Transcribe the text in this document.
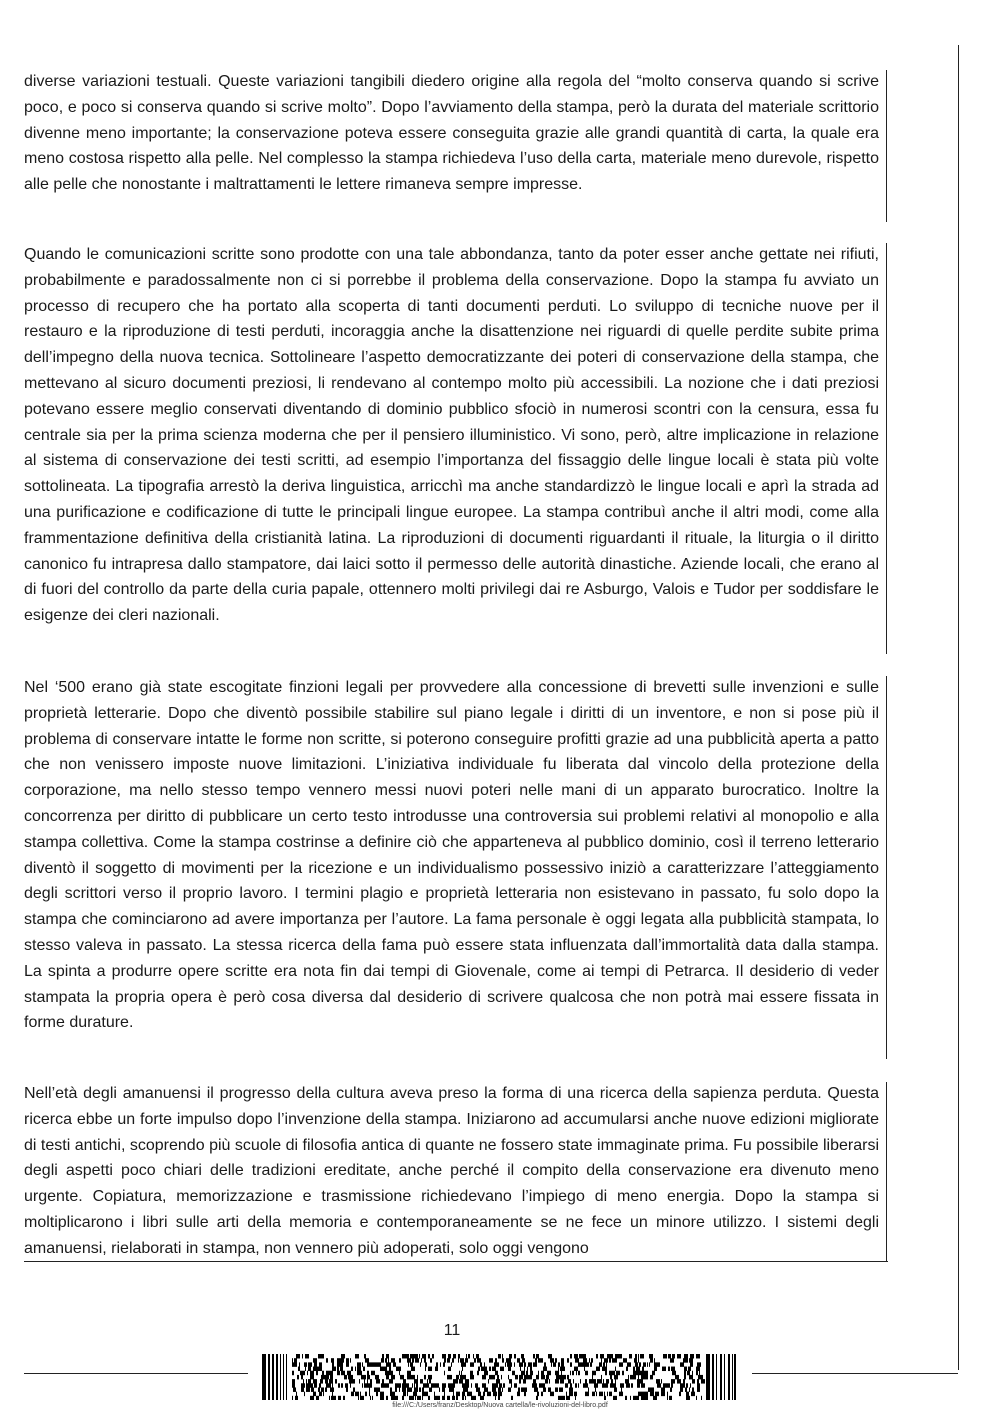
diverse variazioni testuali. Queste variazioni tangibili diedero origine alla regola del “molto conserva quando si scrive poco, e poco si conserva quando si scrive molto”. Dopo l’avviamento della stampa, però la durata del materiale scrittorio divenne meno importante; la conservazione poteva essere conseguita grazie alle grandi quantità di carta, la quale era meno costosa rispetto alla pelle. Nel complesso la stampa richiedeva l’uso della carta, materiale meno durevole, rispetto alle pelle che nonostante i maltrattamenti le lettere rimaneva sempre impresse.

Quando le comunicazioni scritte sono prodotte con una tale abbondanza, tanto da poter esser anche gettate nei rifiuti, probabilmente e paradossalmente non ci si porrebbe il problema della conservazione. Dopo la stampa fu avviato un processo di recupero che ha portato alla scoperta di tanti documenti perduti. Lo sviluppo di tecniche nuove per il restauro e la riproduzione di testi perduti, incoraggia anche la disattenzione nei riguardi di quelle perdite subite prima dell’impegno della nuova tecnica. Sottolineare l’aspetto democratizzante dei poteri di conservazione della stampa, che mettevano al sicuro documenti preziosi, li rendevano al contempo molto più accessibili. La nozione che i dati preziosi potevano essere meglio conservati diventando di dominio pubblico sfociò in numerosi scontri con la censura, essa fu centrale sia per la prima scienza moderna che per il pensiero illuministico. Vi sono, però, altre implicazione in relazione al sistema di conservazione dei testi scritti, ad esempio l’importanza del fissaggio delle lingue locali è stata più volte sottolineata. La tipografia arrestò la deriva linguistica, arricchì ma anche standardizzò le lingue locali e aprì la strada ad una purificazione e codificazione di tutte le principali lingue europee. La stampa contribuì anche il altri modi, come alla frammentazione definitiva della cristianità latina. La riproduzioni di documenti riguardanti il rituale, la liturgia o il diritto canonico fu intrapresa dallo stampatore, dai laici sotto il permesso delle autorità dinastiche. Aziende locali, che erano al di fuori del controllo da parte della curia papale, ottennero molti privilegi dai re Asburgo, Valois e Tudor per soddisfare le esigenze dei cleri nazionali.

Nel ‘500 erano già state escogitate finzioni legali per provvedere alla concessione di brevetti sulle invenzioni e sulle proprietà letterarie. Dopo che diventò possibile stabilire sul piano legale i diritti di un inventore, e non si pose più il problema di conservare intatte le forme non scritte, si poterono conseguire profitti grazie ad una pubblicità aperta a patto che non venissero imposte nuove limitazioni. L’iniziativa individuale fu liberata dal vincolo della protezione della corporazione, ma nello stesso tempo vennero messi nuovi poteri nelle mani di un apparato burocratico. Inoltre la concorrenza per diritto di pubblicare un certo testo introdusse una controversia sui problemi relativi al monopolio e alla stampa collettiva. Come la stampa costrinse a definire ciò che apparteneva al pubblico dominio, così il terreno letterario diventò il soggetto di movimenti per la ricezione e un individualismo possessivo iniziò a caratterizzare l’atteggiamento degli scrittori verso il proprio lavoro. I termini plagio e proprietà letteraria non esistevano in passato, fu solo dopo la stampa che cominciarono ad avere importanza per l’autore. La fama personale è oggi legata alla pubblicità stampata, lo stesso valeva in passato. La stessa ricerca della fama può essere stata influenzata dall’immortalità data dalla stampa. La spinta a produrre opere scritte era nota fin dai tempi di Giovenale, come ai tempi di Petrarca. Il desiderio di veder stampata la propria opera è però cosa diversa dal desiderio di scrivere qualcosa che non potrà mai essere fissata in forme durature.

Nell’età degli amanuensi il progresso della cultura aveva preso la forma di una ricerca della sapienza perduta. Questa ricerca ebbe un forte impulso dopo l’invenzione della stampa. Iniziarono ad accumularsi anche nuove edizioni migliorate di testi antichi, scoprendo più scuole di filosofia antica di quante ne fossero state immaginate prima. Fu possibile liberarsi degli aspetti poco chiari delle tradizioni ereditate, anche perché il compito della conservazione era divenuto meno urgente. Copiatura, memorizzazione e trasmissione richiedevano l’impiego di meno energia. Dopo la stampa si moltiplicarono i libri sulle arti della memoria e contemporaneamente se ne fece un minore utilizzo. I sistemi degli amanuensi, rielaborati in stampa, non vennero più adoperati, solo oggi vengono

11
file:///C:/Users/franz/Desktop/Nuova cartella/le-rivoluzioni-del-libro.pdf
